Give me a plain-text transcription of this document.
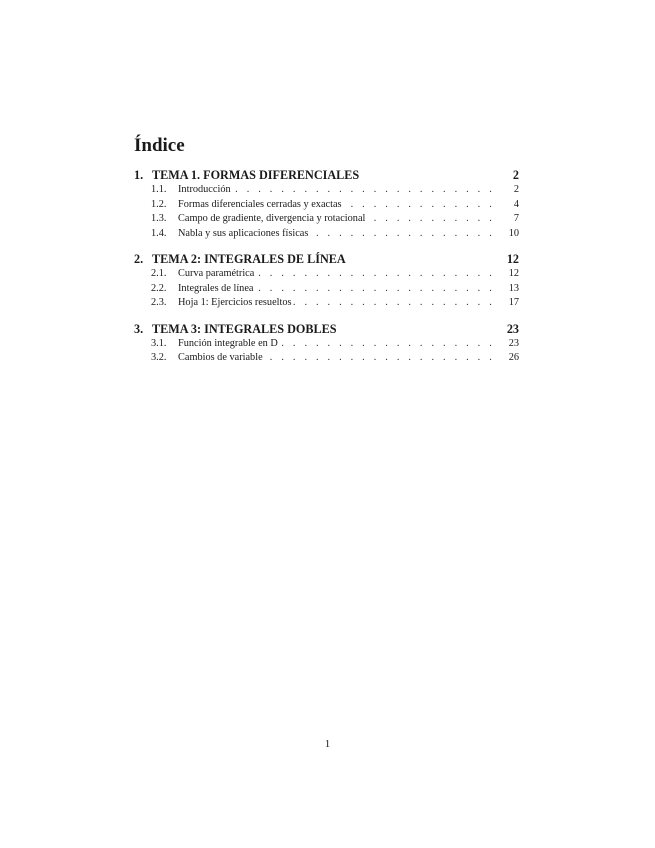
Índice
1. TEMA 1. FORMAS DIFERENCIALES	2
1.1.	Introducción . . .	2
1.2.	Formas diferenciales cerradas y exactas . . .	4
1.3.	Campo de gradiente, divergencia y rotacional . . .	7
1.4.	Nabla y sus aplicaciones físicas . . .	10
2. TEMA 2: INTEGRALES DE LÍNEA	12
2.1.	Curva paramétrica . . .	12
2.2.	Integrales de línea . . .	13
2.3.	Hoja 1: Ejercicios resueltos . . .	17
3. TEMA 3: INTEGRALES DOBLES	23
3.1.	Función integrable en D . . .	23
3.2.	Cambios de variable . . .	26
1
